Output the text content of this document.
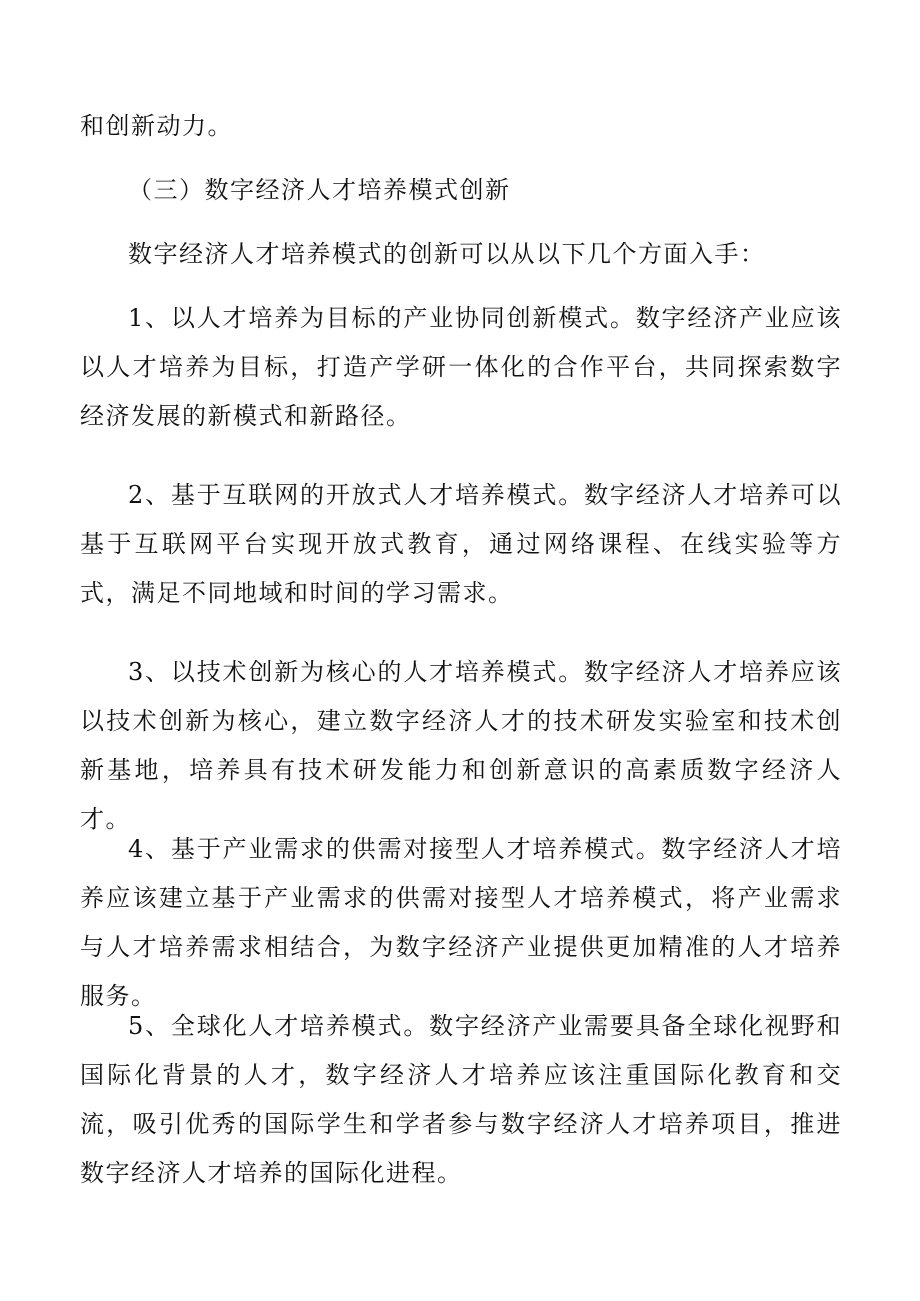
和创新动力。
（三）数字经济人才培养模式创新
数字经济人才培养模式的创新可以从以下几个方面入手：
1、以人才培养为目标的产业协同创新模式。数字经济产业应该以人才培养为目标，打造产学研一体化的合作平台，共同探索数字经济发展的新模式和新路径。
2、基于互联网的开放式人才培养模式。数字经济人才培养可以基于互联网平台实现开放式教育，通过网络课程、在线实验等方式，满足不同地域和时间的学习需求。
3、以技术创新为核心的人才培养模式。数字经济人才培养应该以技术创新为核心，建立数字经济人才的技术研发实验室和技术创新基地，培养具有技术研发能力和创新意识的高素质数字经济人才。
4、基于产业需求的供需对接型人才培养模式。数字经济人才培养应该建立基于产业需求的供需对接型人才培养模式，将产业需求与人才培养需求相结合，为数字经济产业提供更加精准的人才培养服务。
5、全球化人才培养模式。数字经济产业需要具备全球化视野和国际化背景的人才，数字经济人才培养应该注重国际化教育和交流，吸引优秀的国际学生和学者参与数字经济人才培养项目，推进数字经济人才培养的国际化进程。
